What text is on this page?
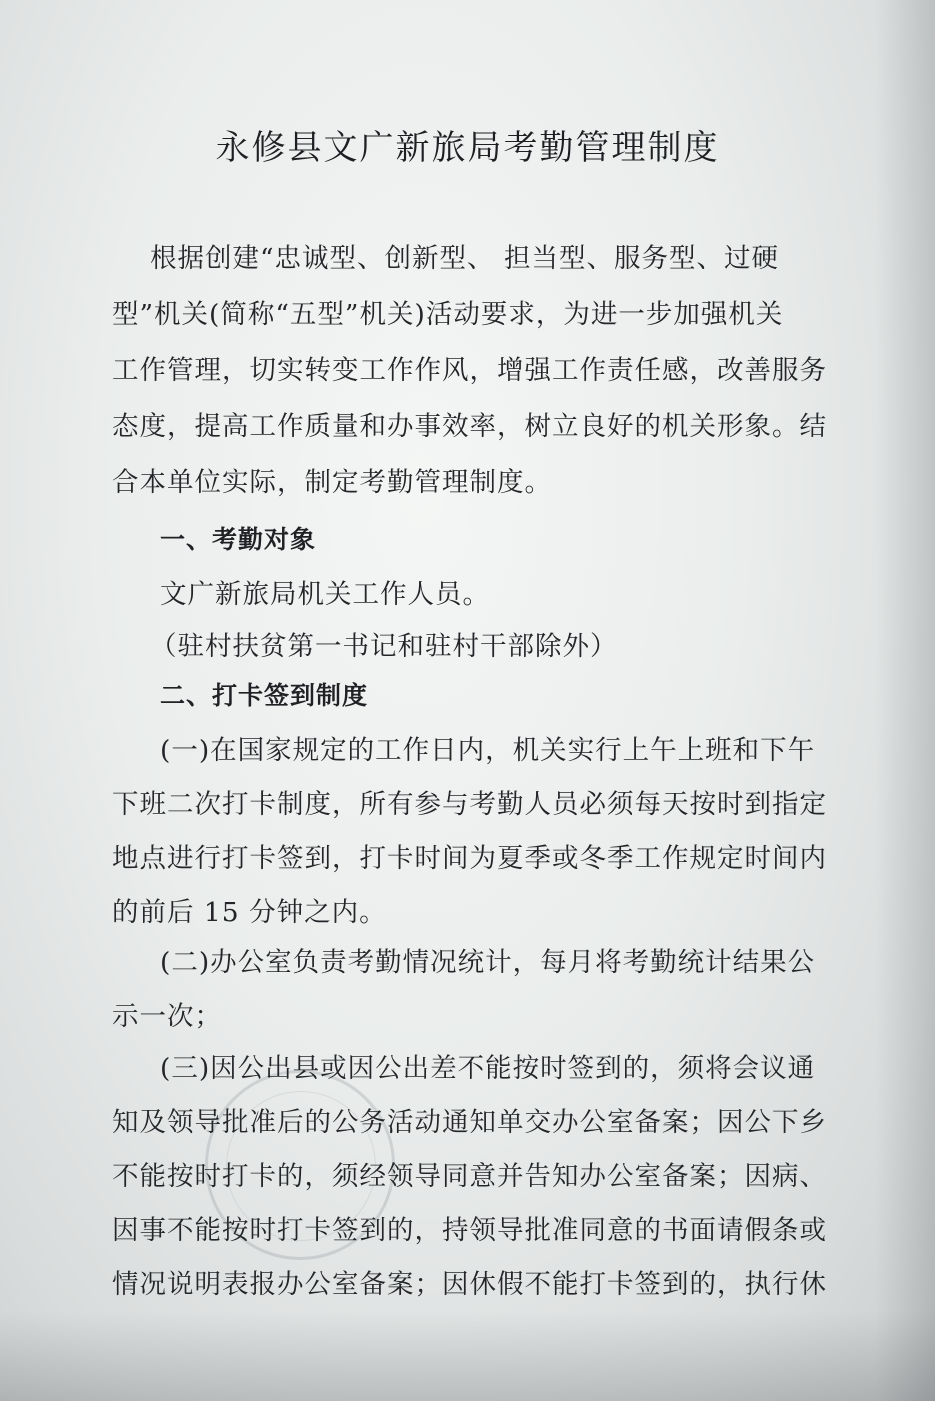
永修县文广新旅局考勤管理制度
根据创建“忠诚型、创新型、 担当型、服务型、过硬
型”机关(简称“五型”机关)活动要求，为进一步加强机关
工作管理，切实转变工作作风，增强工作责任感，改善服务
态度，提高工作质量和办事效率，树立良好的机关形象。结
合本单位实际，制定考勤管理制度。
一、考勤对象
文广新旅局机关工作人员。
（驻村扶贫第一书记和驻村干部除外）
二、打卡签到制度
(一)在国家规定的工作日内，机关实行上午上班和下午
下班二次打卡制度，所有参与考勤人员必须每天按时到指定
地点进行打卡签到，打卡时间为夏季或冬季工作规定时间内
的前后 15 分钟之内。
(二)办公室负责考勤情况统计，每月将考勤统计结果公
示一次；
(三)因公出县或因公出差不能按时签到的，须将会议通
知及领导批准后的公务活动通知单交办公室备案；因公下乡
不能按时打卡的，须经领导同意并告知办公室备案；因病、
因事不能按时打卡签到的，持领导批准同意的书面请假条或
情况说明表报办公室备案；因休假不能打卡签到的，执行休
